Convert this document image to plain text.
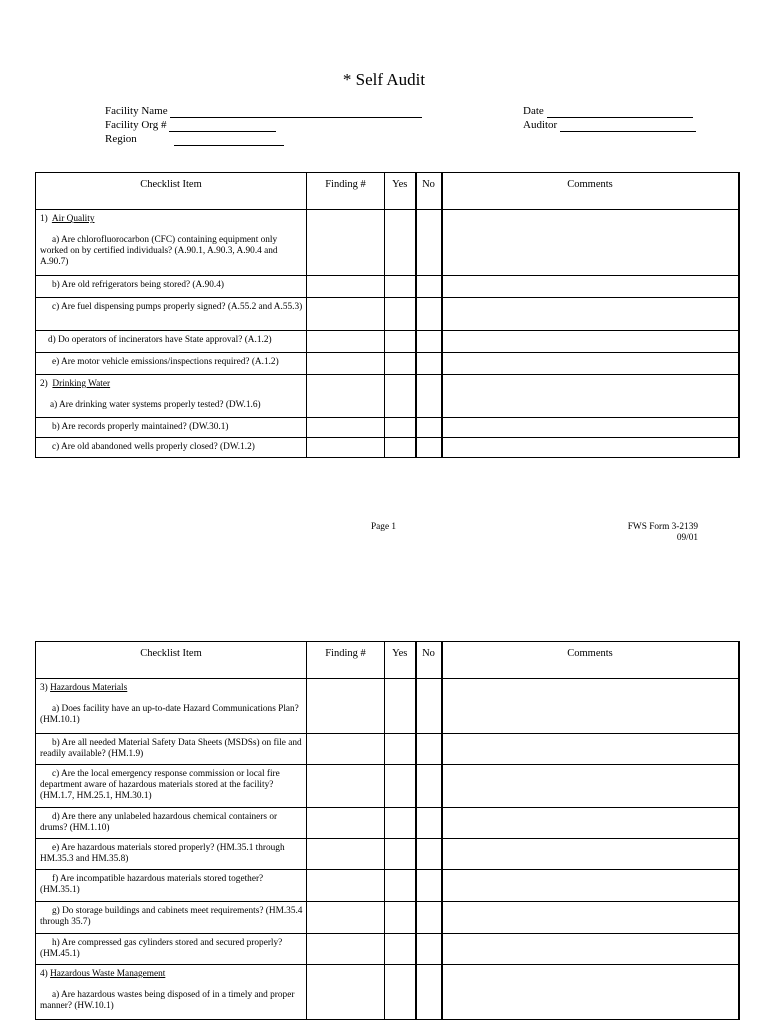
* Self Audit
Facility Name
Facility Org #
Region
Date
Auditor
Checklist Item	Finding #	Yes	No	Comments

1) Air Quality
a) Are chlorofluorocarbon (CFC) containing equipment only worked on by certified individuals? (A.90.1, A.90.3, A.90.4 and A.90.7)				

b) Are old refrigerators being stored? (A.90.4)				
c) Are fuel dispensing pumps properly signed? (A.55.2 and A.55.3)				
d) Do operators of incinerators have State approval? (A.1.2)				
e) Are motor vehicle emissions/inspections required? (A.1.2)				

2) Drinking Water
a) Are drinking water systems properly tested? (DW.1.6)				

b) Are records properly maintained? (DW.30.1)				
c) Are old abandoned wells properly closed? (DW.1.2)				
Page 1	FWS Form 3-2139
09/01
Checklist Item	Finding #	Yes	No	Comments

3) Hazardous Materials
a) Does facility have an up-to-date Hazard Communications Plan? (HM.10.1)				

b) Are all needed Material Safety Data Sheets (MSDSs) on file and readily available? (HM.1.9)				
c) Are the local emergency response commission or local fire department aware of hazardous materials stored at the facility? (HM.1.7, HM.25.1, HM.30.1)				
d) Are there any unlabeled hazardous chemical containers or drums? (HM.1.10)				
e) Are hazardous materials stored properly? (HM.35.1 through HM.35.3 and HM.35.8)				
f) Are incompatible hazardous materials stored together? (HM.35.1)				
g) Do storage buildings and cabinets meet requirements? (HM.35.4 through 35.7)				
h) Are compressed gas cylinders stored and secured properly? (HM.45.1)				

4) Hazardous Waste Management
a) Are hazardous wastes being disposed of in a timely and proper manner? (HW.10.1)				
